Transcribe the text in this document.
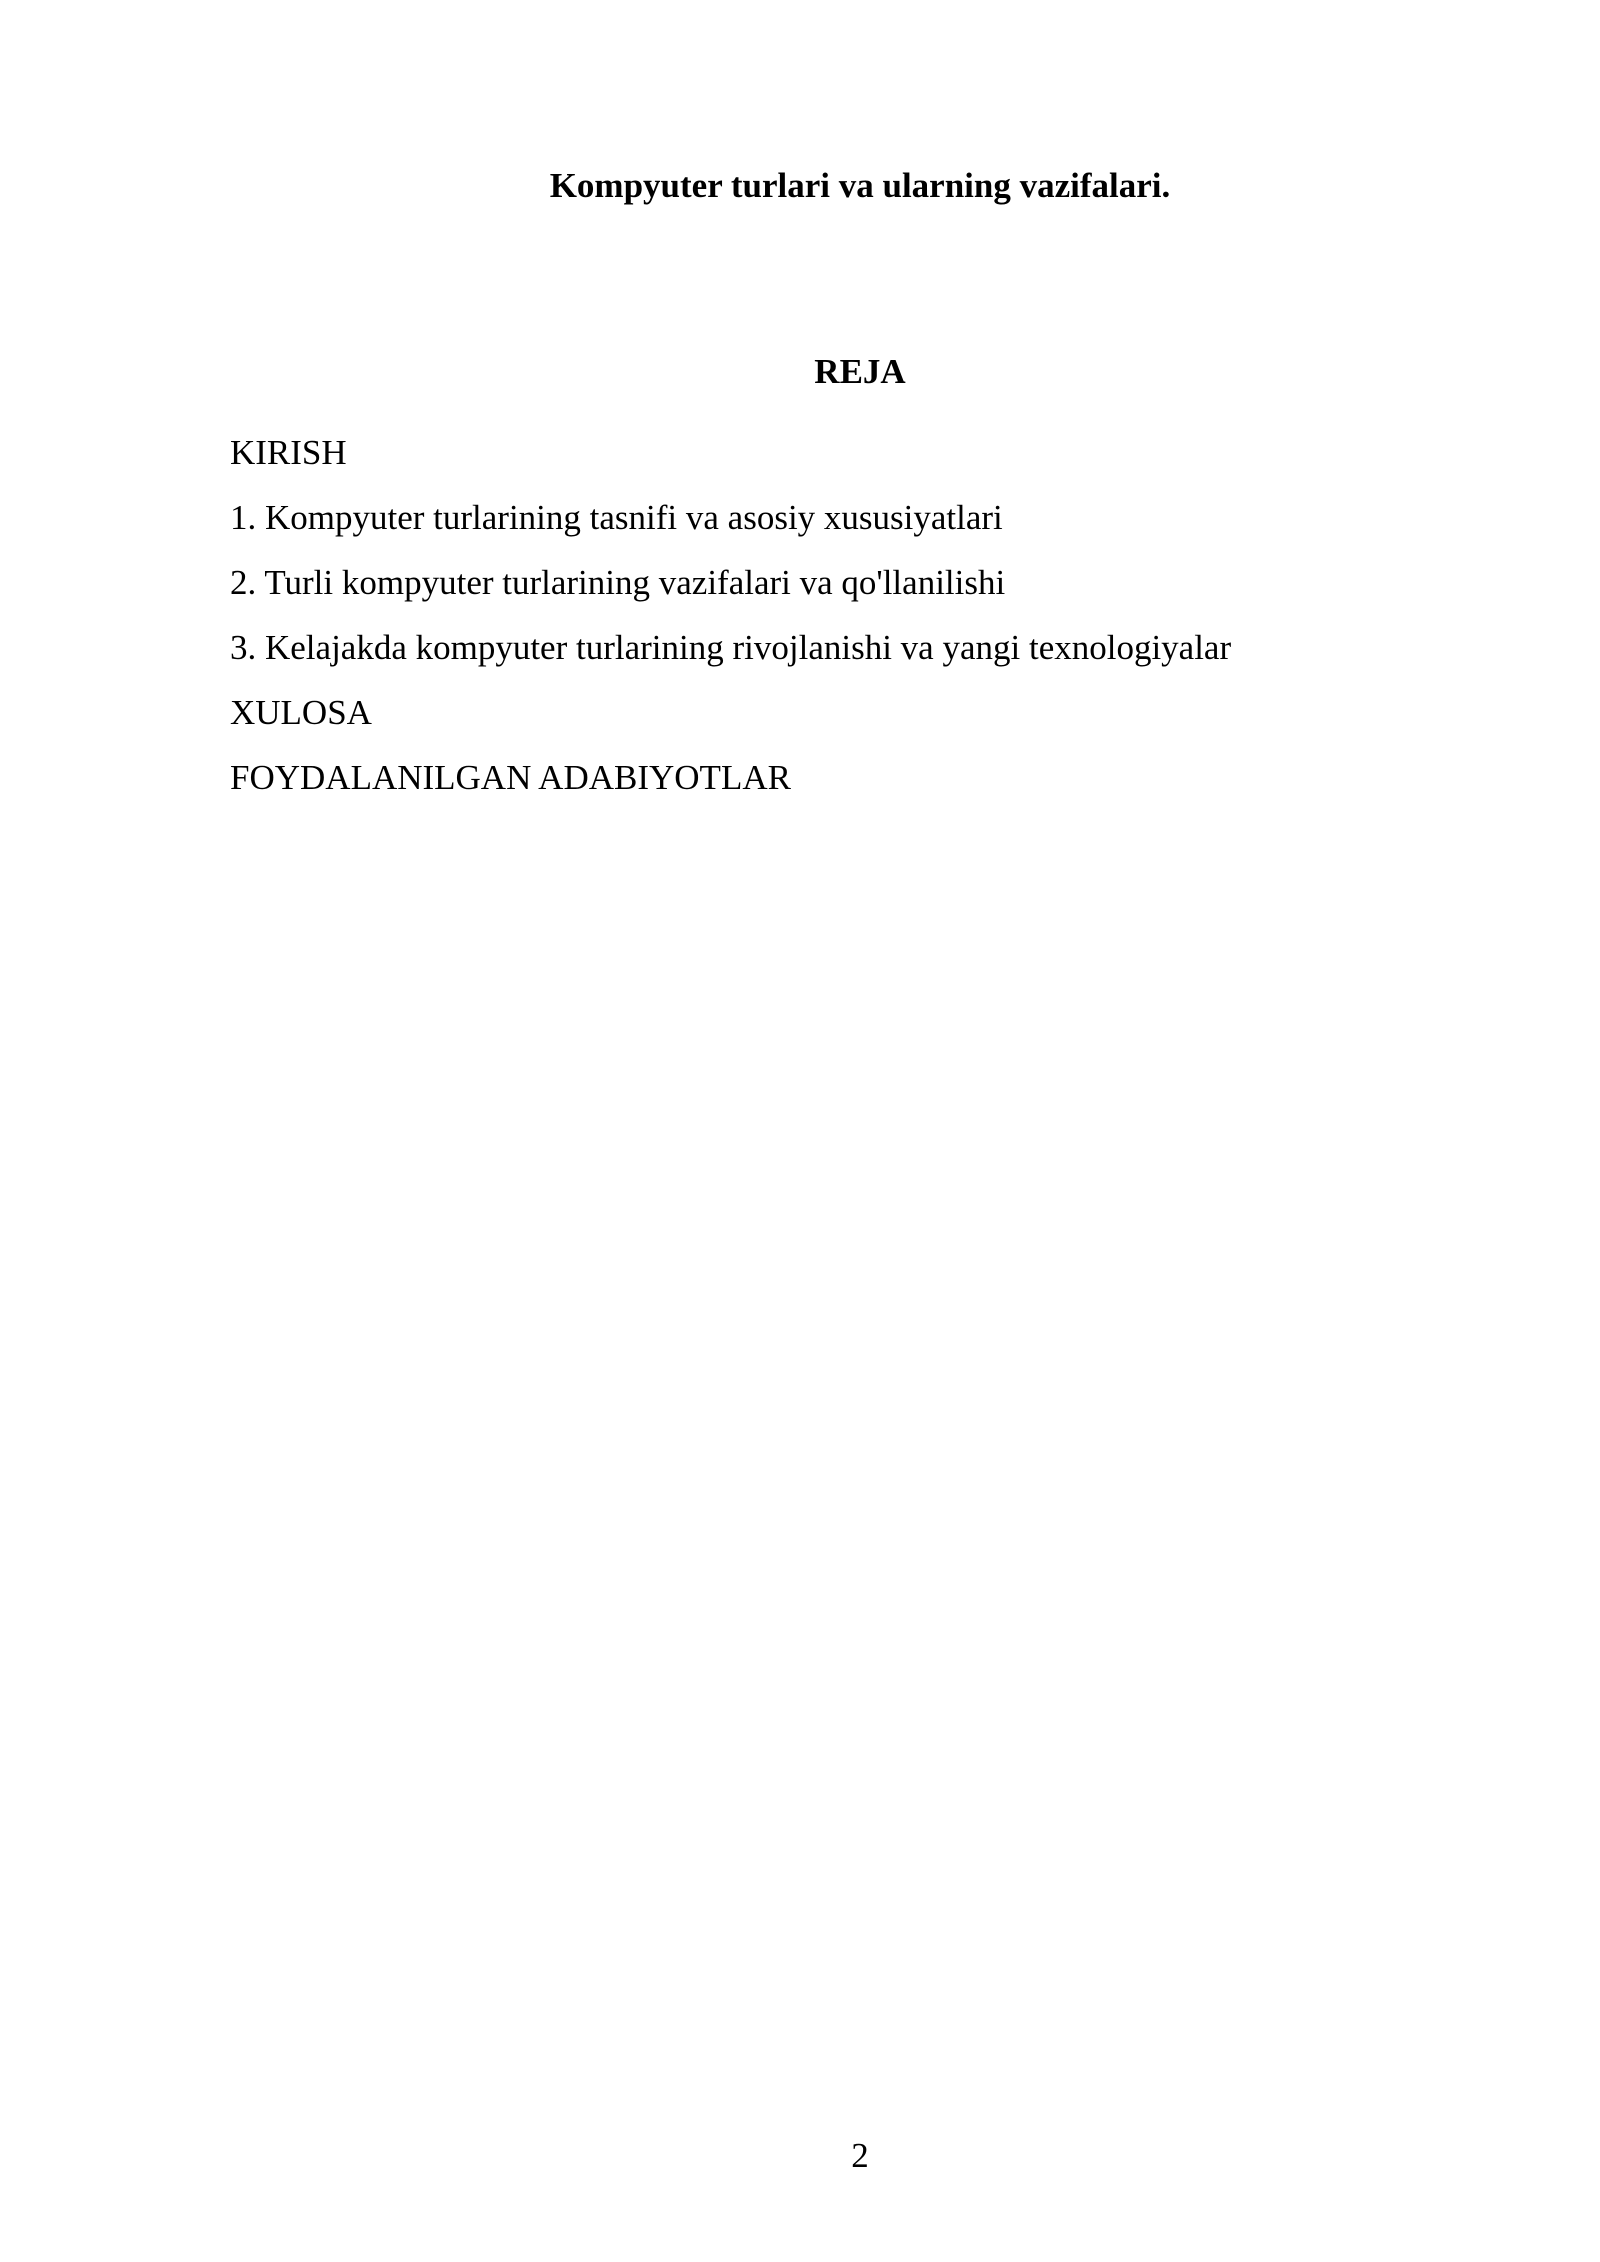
Kompyuter turlari va ularning vazifalari.
REJA
KIRISH
1. Kompyuter turlarining tasnifi va asosiy xususiyatlari
2. Turli kompyuter turlarining vazifalari va qo'llanilishi
3. Kelajakda kompyuter turlarining rivojlanishi va yangi texnologiyalar
XULOSA
FOYDALANILGAN ADABIYOTLAR
2
